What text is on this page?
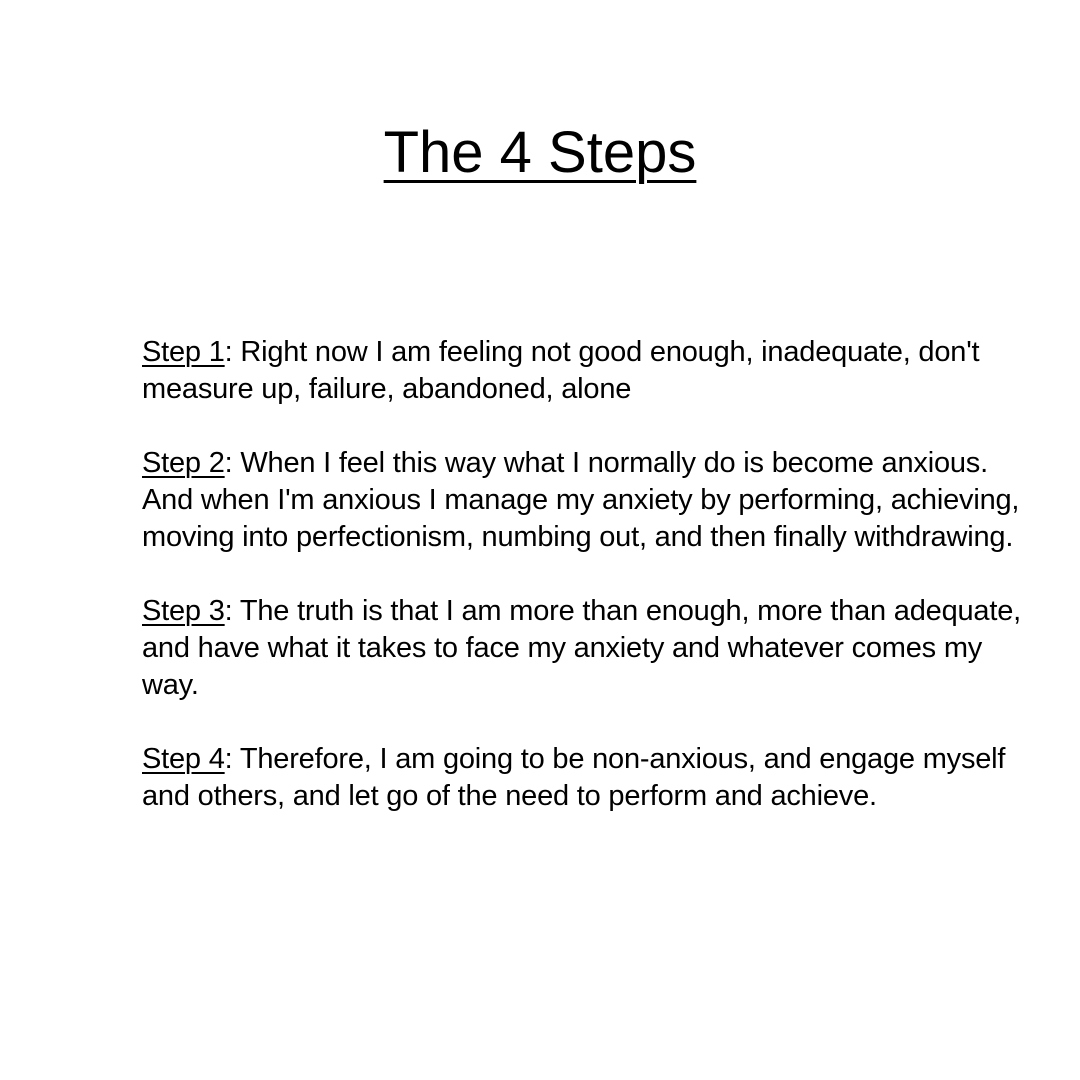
The 4 Steps

Step 1: Right now I am feeling not good enough, inadequate, don't measure up, failure, abandoned, alone

Step 2: When I feel this way what I normally do is become anxious. And when I'm anxious I manage my anxiety by performing, achieving, moving into perfectionism, numbing out, and then finally withdrawing.

Step 3: The truth is that I am more than enough, more than adequate, and have what it takes to face my anxiety and whatever comes my way.

Step 4: Therefore, I am going to be non-anxious, and engage myself and others, and let go of the need to perform and achieve.
